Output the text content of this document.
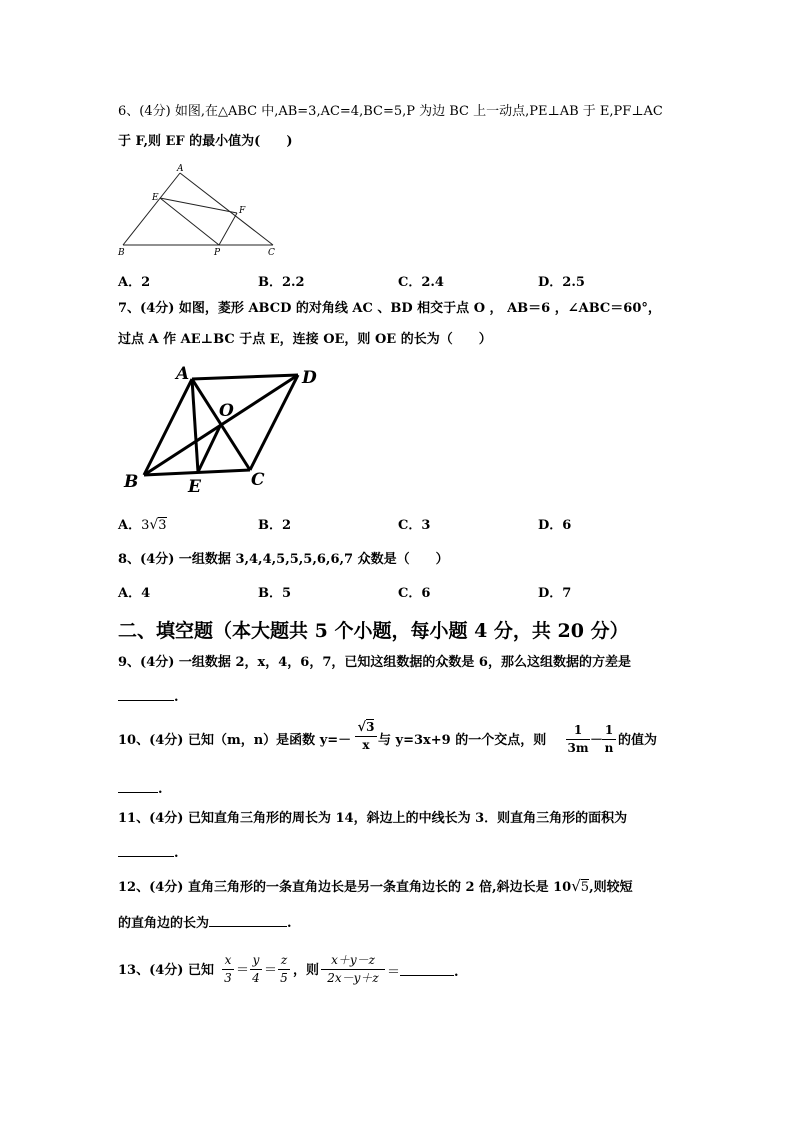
6、(4分) 如图,在△ABC 中,AB=3,AC=4,BC=5,P 为边 BC 上一动点,PE⊥AB 于 E,PF⊥AC
于 F,则 EF 的最小值为(　　)
A
E
F
B	P	C
A．2	B．2.2	C．2.4	D．2.5
7、(4分) 如图，菱形 ABCD 的对角线 AC 、BD 相交于点 O ， AB＝6 ，∠ABC＝60°，
过点 A 作 AE⊥BC 于点 E，连接 OE，则 OE 的长为（　　）
A	D
O
B	E	C
A．3√3	B．2	C．3	D．6
8、(4分) 一组数据 3,4,4,5,5,5,6,6,7 众数是（　　）
A．4	B．5	C．6	D．7
二、填空题（本大题共 5 个小题，每小题 4 分，共 20 分）
9、(4分) 一组数据 2，x，4，6，7，已知这组数据的众数是 6，那么这组数据的方差是
.
10、(4分) 已知（m，n）是函数 y=－
√3
x 与 y=3x+9 的一个交点，则
1
3m －
1
n 的值为
.
11、(4分) 已知直角三角形的周长为 14，斜边上的中线长为 3．则直角三角形的面积为
.
12、(4分) 直角三角形的一条直角边长是另一条直角边长的 2 倍,斜边长是 10√5,则较短
的直角边的长为	.
13、(4分) 已知
x
3 ＝
y
4 ＝
z
5 ，则
x＋y－z
2x－y＋z ＝	.
